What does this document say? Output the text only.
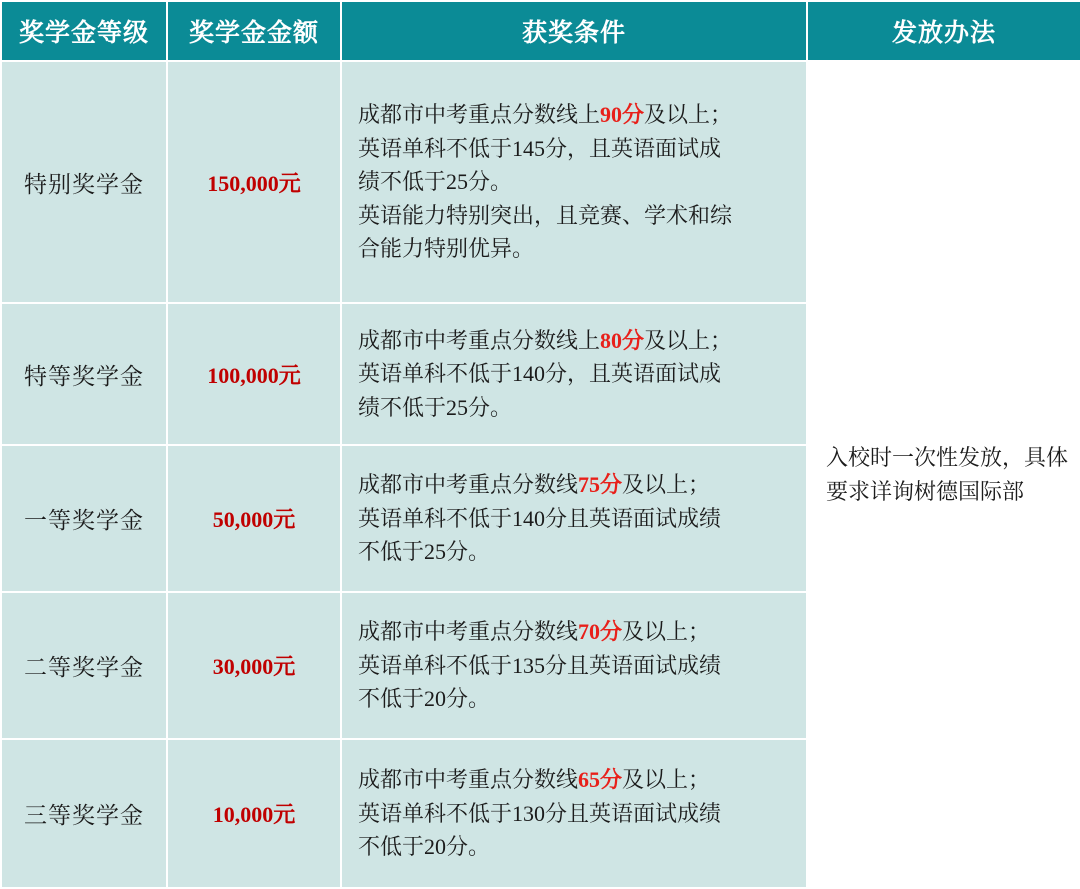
奖学金等级	奖学金金额	获奖条件	发放办法
特别奖学金	150,000元	成都市中考重点分数线上90分及以上；
英语单科不低于145分，且英语面试成
绩不低于25分。
英语能力特别突出，且竞赛、学术和综
合能力特别优异。	入校时一次性发放，具体要求详询树德国际部
特等奖学金	100,000元	成都市中考重点分数线上80分及以上；
英语单科不低于140分，且英语面试成
绩不低于25分。	

一等奖学金	50,000元	成都市中考重点分数线75分及以上；
英语单科不低于140分且英语面试成绩
不低于25分。	

二等奖学金	30,000元	成都市中考重点分数线70分及以上；
英语单科不低于135分且英语面试成绩
不低于20分。	

三等奖学金	10,000元	成都市中考重点分数线65分及以上；
英语单科不低于130分且英语面试成绩
不低于20分。	
